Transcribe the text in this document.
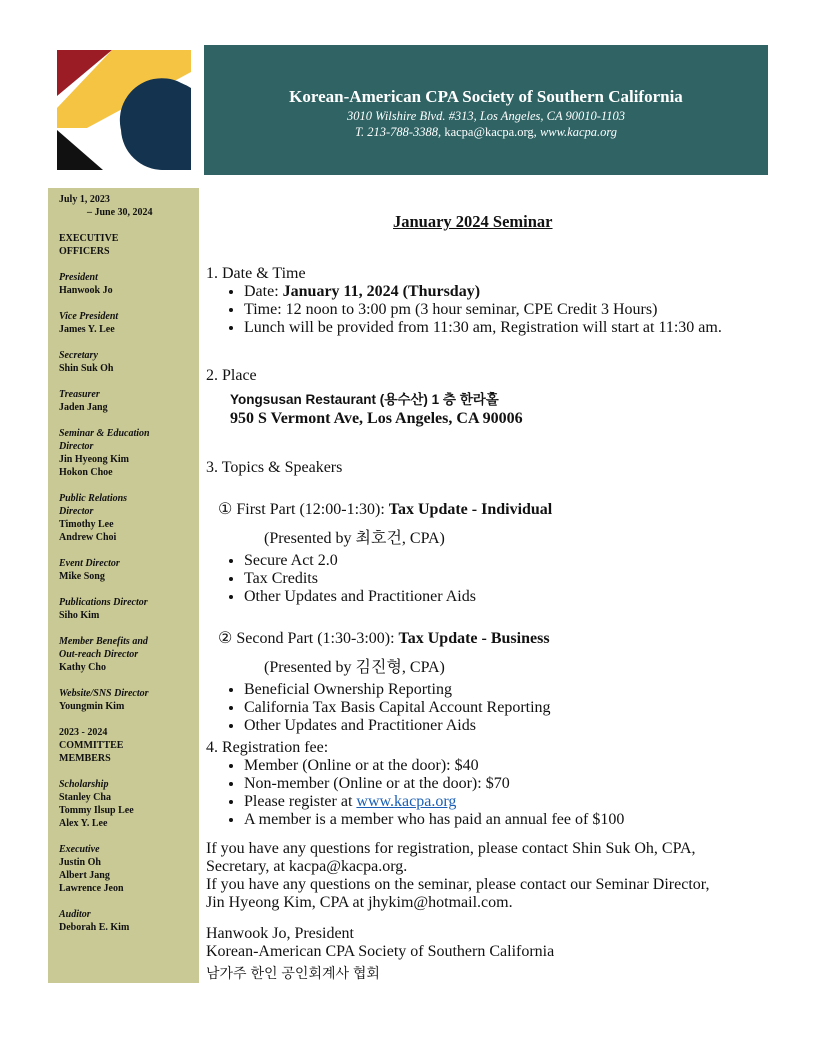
Korean-American CPA Society of Southern California
3010 Wilshire Blvd. #313, Los Angeles, CA 90010-1103
T. 213-788-3388, kacpa@kacpa.org, www.kacpa.org
July 1, 2023
– June 30, 2024
EXECUTIVE OFFICERS
President
Hanwook Jo
Vice President
James Y. Lee
Secretary
Shin Suk Oh
Treasurer
Jaden Jang
Seminar & Education Director
Jin Hyeong Kim
Hokon Choe
Public Relations Director
Timothy Lee
Andrew Choi
Event Director
Mike Song
Publications Director
Siho Kim
Member Benefits and Out-reach Director
Kathy Cho
Website/SNS Director
Youngmin Kim
2023 - 2024 COMMITTEE MEMBERS
Scholarship
Stanley Cha
Tommy Ilsup Lee
Alex Y. Lee
Executive
Justin Oh
Albert Jang
Lawrence Jeon
Auditor
Deborah E. Kim
January 2024 Seminar
1. Date & Time
• Date: January 11, 2024 (Thursday)
• Time: 12 noon to 3:00 pm (3 hour seminar, CPE Credit 3 Hours)
• Lunch will be provided from 11:30 am, Registration will start at 11:30 am.
2. Place
Yongsusan Restaurant (용수산) 1 층 한라홀
950 S Vermont Ave, Los Angeles, CA 90006
3. Topics & Speakers
① First Part (12:00-1:30): Tax Update - Individual
(Presented by 최호건, CPA)
• Secure Act 2.0
• Tax Credits
• Other Updates and Practitioner Aids
② Second Part (1:30-3:00): Tax Update - Business
(Presented by 김진형, CPA)
• Beneficial Ownership Reporting
• California Tax Basis Capital Account Reporting
• Other Updates and Practitioner Aids
4. Registration fee:
• Member (Online or at the door): $40
• Non-member (Online or at the door): $70
• Please register at www.kacpa.org
• A member is a member who has paid an annual fee of $100
If you have any questions for registration, please contact Shin Suk Oh, CPA,
Secretary, at kacpa@kacpa.org.
If you have any questions on the seminar, please contact our Seminar Director,
Jin Hyeong Kim, CPA at jhykim@hotmail.com.
Hanwook Jo, President
Korean-American CPA Society of Southern California
남가주 한인 공인회계사 협회
